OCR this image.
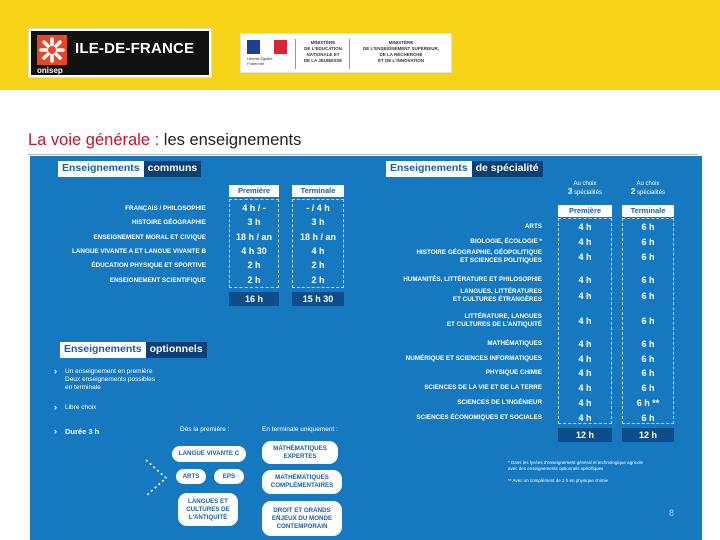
ILE-DE-FRANCE
onisep
Liberté Égalité Fraternité
MINISTÈRE
DE L'ÉDUCATION
NATIONALE ET
DE LA JEUNESSE
MINISTÈRE
DE L'ENSEIGNEMENT SUPÉRIEUR,
DE LA RECHERCHE
ET DE L'INNOVATION
La voie générale : les enseignements
Enseignements communs
Première	Terminale
FRANÇAIS / PHILOSOPHIE	4 h / -	- / 4 h
HISTOIRE GÉOGRAPHIE	3 h	3 h
ENSEIGNEMENT MORAL ET CIVIQUE	18 h / an	18 h / an
LANGUE VIVANTE A ET LANGUE VIVANTE B	4 h 30	4 h
ÉDUCATION PHYSIQUE ET SPORTIVE	2 h	2 h
ENSEIGNEMENT SCIENTIFIQUE	2 h	2 h
16 h	15 h 30
Enseignements de spécialité
Au choix
3 spécialités
Au choix
2 spécialités
Première	Terminale
ARTS	4 h	6 h
BIOLOGIE, ÉCOLOGIE *	4 h	6 h
HISTOIRE GÉOGRAPHIE, GÉOPOLITIQUE
ET SCIENCES POLITIQUES	4 h	6 h
HUMANITÉS, LITTÉRATURE ET PHILOSOPHIE	4 h	6 h
LANGUES, LITTÉRATURES
ET CULTURES ÉTRANGÈRES	4 h	6 h
LITTÉRATURE, LANGUES
ET CULTURES DE L'ANTIQUITÉ	4 h	6 h
MATHÉMATIQUES	4 h	6 h
NUMÉRIQUE ET SCIENCES INFORMATIQUES	4 h	6 h
PHYSIQUE CHIMIE	4 h	6 h
SCIENCES DE LA VIE ET DE LA TERRE	4 h	6 h
SCIENCES DE L'INGÉNIEUR	4 h	6 h **
SCIENCES ÉCONOMIQUES ET SOCIALES	4 h	6 h
12 h	12 h
* Dans les lycées d'enseignement général et technologique agricole
avec des enseignements optionnels spécifiques
** Avec un complément de 2 h en physique chimie
Enseignements optionnels
› Un enseignement en première
Deux enseignements possibles
en terminale
› Libre choix
› Durée 3 h	Dès la première :	En terminale uniquement :
LANGUE VIVANTE C
ARTS	EPS
LANGUES ET CULTURES DE L'ANTIQUITÉ
MATHÉMATIQUES EXPERTES
MATHÉMATIQUES COMPLÉMENTAIRES
DROIT ET GRANDS ENJEUX DU MONDE CONTEMPORAIN
8
